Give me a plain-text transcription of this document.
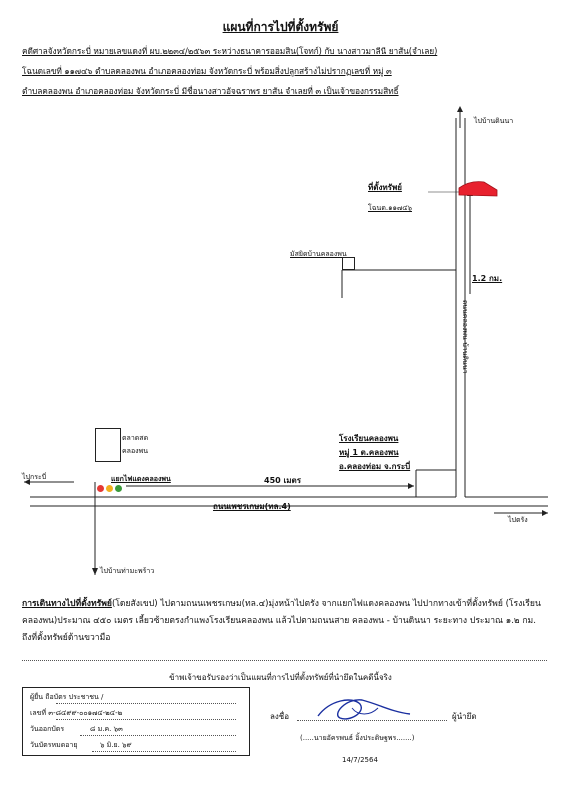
แผนที่การไปที่ตั้งทรัพย์
คดีศาลจังหวัดกระบี่ หมายเลขแดงที่ ผบ.๒๒๓๔/๒๕๖๓ ระหว่างธนาคารออมสิน(โจทก์) กับ นางสาวมาลีนี ยาสัน(จำเลย)
โฉนดเลขที่ ๑๑๗๔๖ ตำบลคลองพน อำเภอคลองท่อม จังหวัดกระบี่ พร้อมสิ่งปลูกสร้างไม่ปรากฏเลขที่ หมู่ ๓
ตำบลคลองพน อำเภอคลองท่อม จังหวัดกระบี่ มีชื่อนางสาวอัจฉราพร ยาสัน จำเลยที่ ๓ เป็นเจ้าของกรรมสิทธิ์
ไปบ้านดินนา
ที่ตั้งทรัพย์
โฉนด.๑๑๗๔๖
มัสยิดบ้านคลองพน
1.2 กม.
ถนนคลองพน-บ้านดินนา
ตลาดสด
คลองพน
โรงเรียนคลองพน
หมู่ 1 ต.คลองพน
อ.คลองท่อม จ.กระบี่
ไปกระบี่	แยกไฟแดงคลองพน	450 เมตร
ถนนเพชรเกษม(ทล.4)
ไปตรัง
ไปบ้านท่ามะพร้าว
การเดินทางไปที่ตั้งทรัพย์(โดยสังเขป) ไปตามถนนเพชรเกษม(ทล.๔)มุ่งหน้าไปตรัง จากแยกไฟแดงคลองพน ไปปากทางเข้าที่ตั้งทรัพย์ (โรงเรียนคลองพน)ประมาณ ๔๕๐ เมตร เลี้ยวซ้ายตรงกำแพงโรงเรียนคลองพน แล้วไปตามถนนสาย คลองพน - บ้านดินนา ระยะทาง ประมาณ ๑.๒ กม. ถึงที่ตั้งทรัพย์ด้านขวามือ
ข้าพเจ้าขอรับรองว่าเป็นแผนที่การไปที่ตั้งทรัพย์ที่นำยึดในคดีนี้จริง
ผู้ยื่น ถือบัตร ประชาชน /
เลขที่ ๓-๘๔๙๙-๐๐๑๗๔-๒๔-๒
วันออกบัตร	๘ ม.ค. ๖๓
วันบัตรหมดอายุ	๖ มิ.ย. ๖๙
ลงชื่อ	ผู้นำยึด
(.....นายอัครพนธ์ อิ้งประดิษฐพร.......)
14/7/2564
